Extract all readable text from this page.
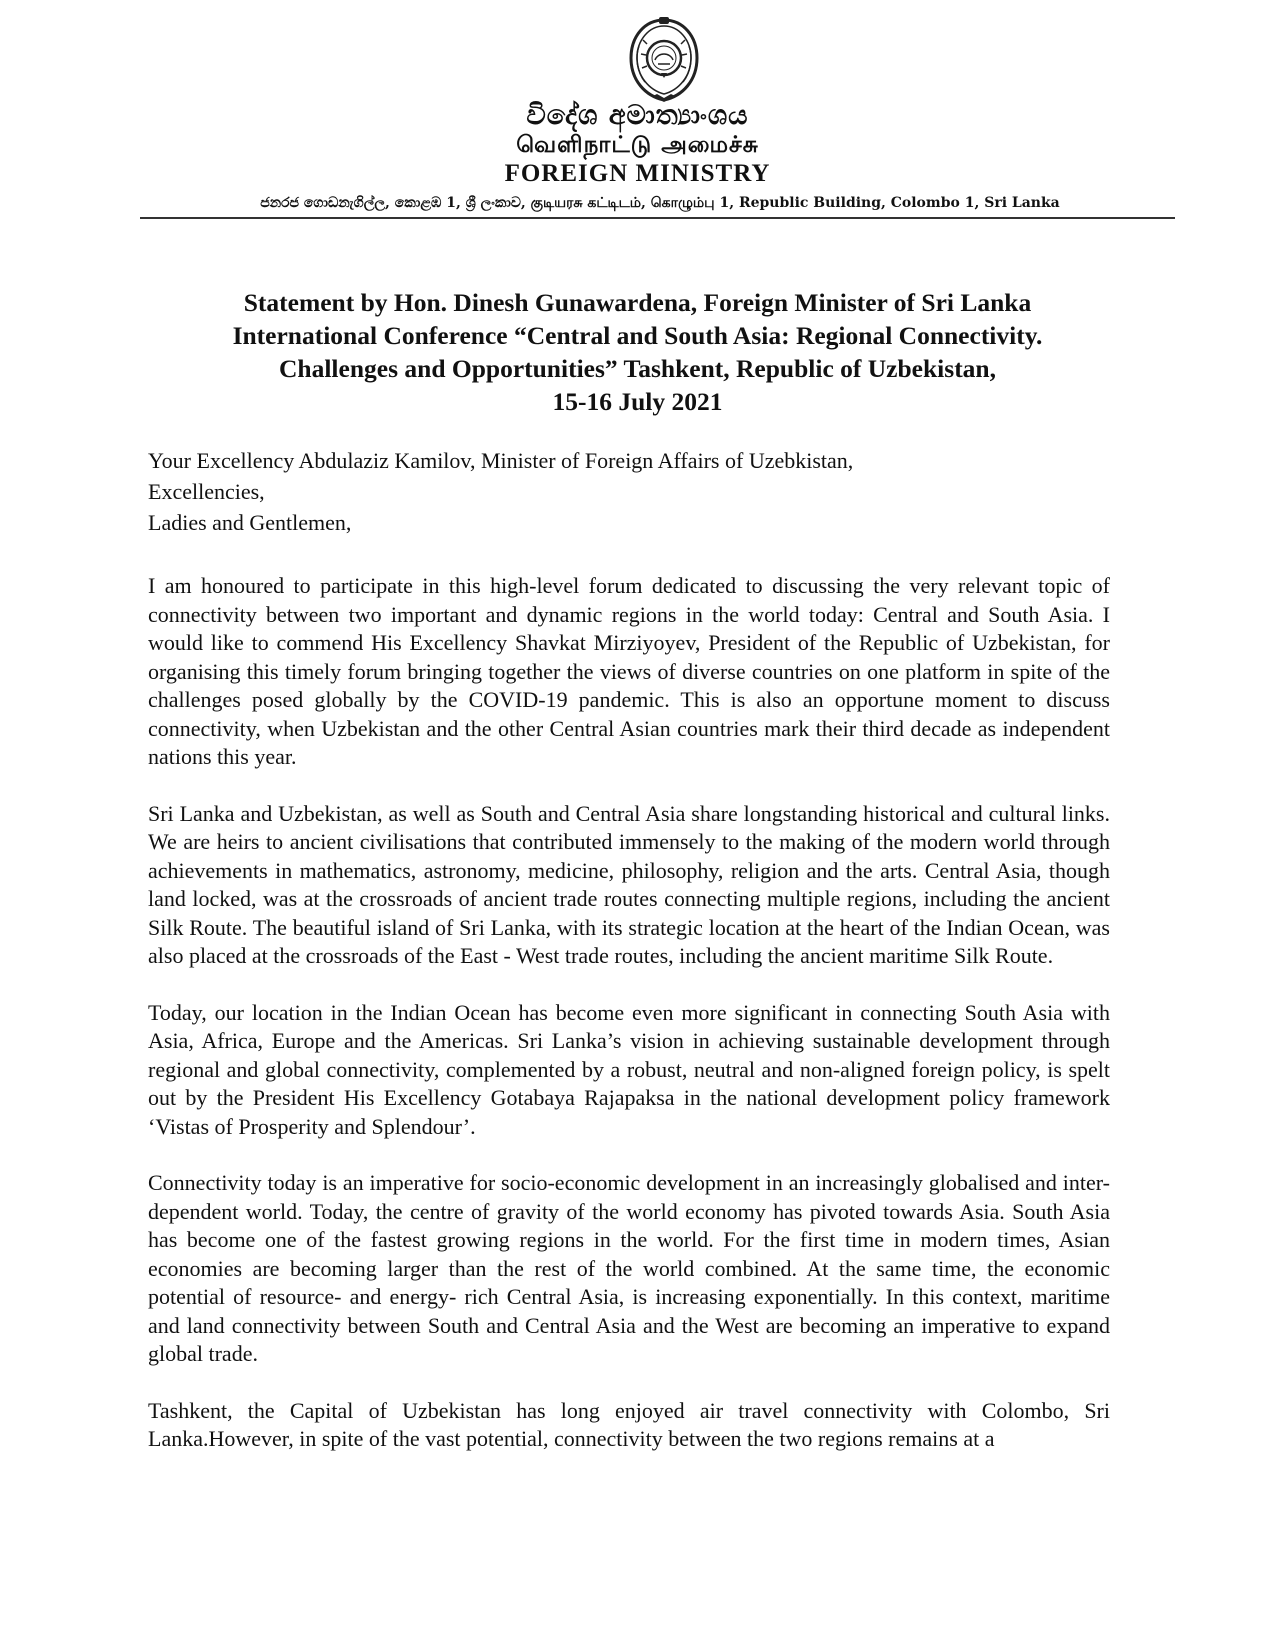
විදේශ අමාත්‍යාංශය
வெளிநாட்டு அமைச்சு
FOREIGN MINISTRY
ජනරජ ගොඩනැගිල්ල, කොළඹ 1, ශ්‍රී ලංකාව, குடியரசு கட்டிடம், கொழும்பு 1, Republic Building, Colombo 1, Sri Lanka
Statement by Hon. Dinesh Gunawardena, Foreign Minister of Sri Lanka
International Conference “Central and South Asia: Regional Connectivity.
Challenges and Opportunities” Tashkent, Republic of Uzbekistan,
15-16 July 2021
Your Excellency Abdulaziz Kamilov, Minister of Foreign Affairs of Uzebkistan,
Excellencies,
Ladies and Gentlemen,

I am honoured to participate in this high-level forum dedicated to discussing the very relevant topic of connectivity between two important and dynamic regions in the world today: Central and South Asia. I would like to commend His Excellency Shavkat Mirziyoyev, President of the Republic of Uzbekistan, for organising this timely forum bringing together the views of diverse countries on one platform in spite of the challenges posed globally by the COVID-19 pandemic. This is also an opportune moment to discuss connectivity, when Uzbekistan and the other Central Asian countries mark their third decade as independent nations this year.

Sri Lanka and Uzbekistan, as well as South and Central Asia share longstanding historical and cultural links. We are heirs to ancient civilisations that contributed immensely to the making of the modern world through achievements in mathematics, astronomy, medicine, philosophy, religion and the arts. Central Asia, though land locked, was at the crossroads of ancient trade routes connecting multiple regions, including the ancient Silk Route. The beautiful island of Sri Lanka, with its strategic location at the heart of the Indian Ocean, was also placed at the crossroads of the East - West trade routes, including the ancient maritime Silk Route.

Today, our location in the Indian Ocean has become even more significant in connecting South Asia with Asia, Africa, Europe and the Americas. Sri Lanka’s vision in achieving sustainable development through regional and global connectivity, complemented by a robust, neutral and non-aligned foreign policy, is spelt out by the President His Excellency Gotabaya Rajapaksa in the national development policy framework ‘Vistas of Prosperity and Splendour’.

Connectivity today is an imperative for socio-economic development in an increasingly globalised and inter-dependent world. Today, the centre of gravity of the world economy has pivoted towards Asia. South Asia has become one of the fastest growing regions in the world. For the first time in modern times, Asian economies are becoming larger than the rest of the world combined. At the same time, the economic potential of resource- and energy- rich Central Asia, is increasing exponentially. In this context, maritime and land connectivity between South and Central Asia and the West are becoming an imperative to expand global trade.

Tashkent, the Capital of Uzbekistan has long enjoyed air travel connectivity with Colombo, Sri Lanka.However, in spite of the vast potential, connectivity between the two regions remains at a
